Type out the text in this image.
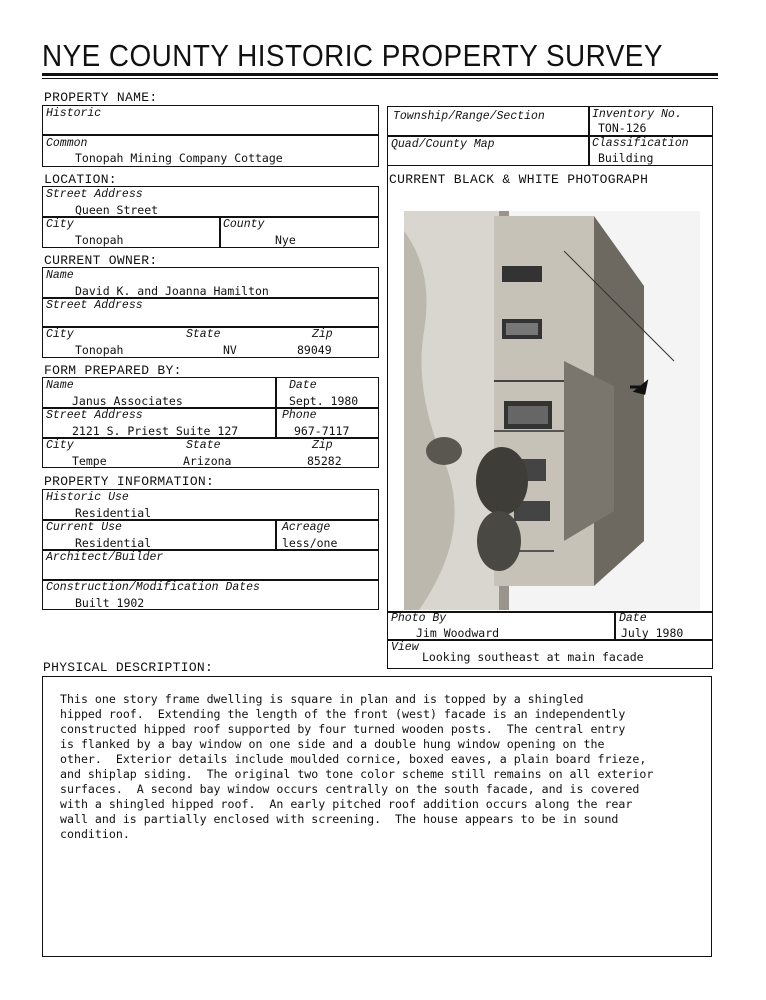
NYE COUNTY HISTORIC PROPERTY SURVEY
PROPERTY NAME:
Historic
Common
Tonopah Mining Company Cottage
LOCATION:
Street Address
Queen Street
City
Tonopah
County
Nye
CURRENT OWNER:
Name
David K. and Joanna Hamilton
Street Address
City
Tonopah
State
NV
Zip
89049
FORM PREPARED BY:
Name
Janus Associates
Date
Sept. 1980
Street Address
2121 S. Priest Suite 127
Phone
967-7117
City
Tempe
State
Arizona
Zip
85282
PROPERTY INFORMATION:
Historic Use
Residential
Current Use
Residential
Acreage
less/one
Architect/Builder
Construction/Modification Dates
Built 1902
Township/Range/Section	Inventory No.
TON-126
Quad/County Map	Classification
Building
CURRENT BLACK & WHITE PHOTOGRAPH
Photo By
Jim Woodward
Date
July 1980
View
Looking southeast at main facade
PHYSICAL DESCRIPTION:
This one story frame dwelling is square in plan and is topped by a shingled
hipped roof.  Extending the length of the front (west) facade is an independently
constructed hipped roof supported by four turned wooden posts.  The central entry
is flanked by a bay window on one side and a double hung window opening on the
other.  Exterior details include moulded cornice, boxed eaves, a plain board frieze,
and shiplap siding.  The original two tone color scheme still remains on all exterior
surfaces.  A second bay window occurs centrally on the south facade, and is covered
with a shingled hipped roof.  An early pitched roof addition occurs along the rear
wall and is partially enclosed with screening.  The house appears to be in sound
condition.
